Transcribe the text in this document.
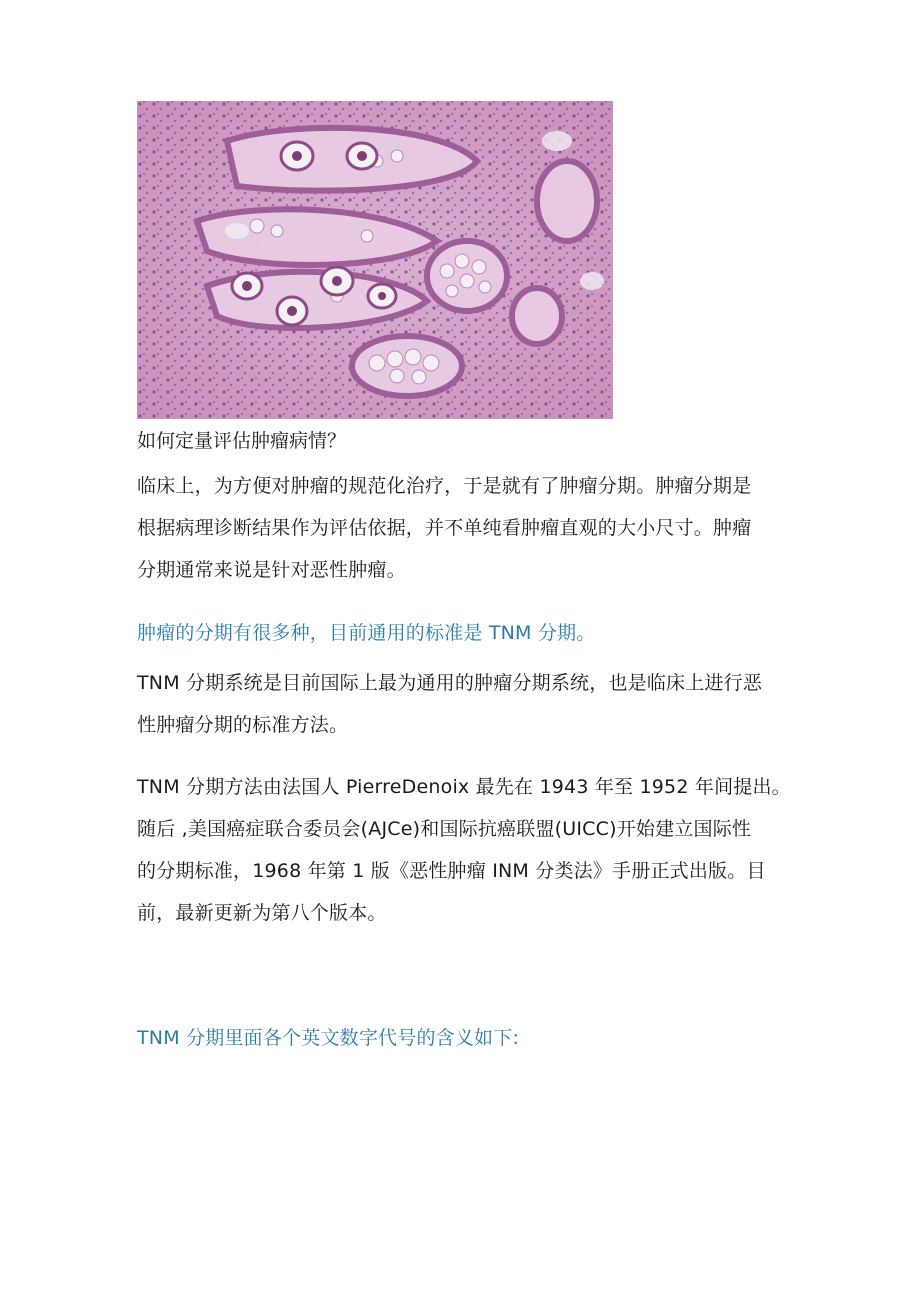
如何定量评估肿瘤病情？

临床上，为方便对肿瘤的规范化治疗，于是就有了肿瘤分期。肿瘤分期是
根据病理诊断结果作为评估依据，并不单纯看肿瘤直观的大小尺寸。肿瘤
分期通常来说是针对恶性肿瘤。

肿瘤的分期有很多种，目前通用的标准是 TNM 分期。

TNM 分期系统是目前国际上最为通用的肿瘤分期系统，也是临床上进行恶
性肿瘤分期的标准方法。

TNM 分期方法由法国人 PierreDenoix 最先在 1943 年至 1952 年间提出。
随后 ,美国癌症联合委员会(AJCe)和国际抗癌联盟(UICC)开始建立国际性
的分期标准，1968 年第 1 版《恶性肿瘤 INM 分类法》手册正式出版。目
前，最新更新为第八个版本。

TNM 分期里面各个英文数字代号的含义如下:
